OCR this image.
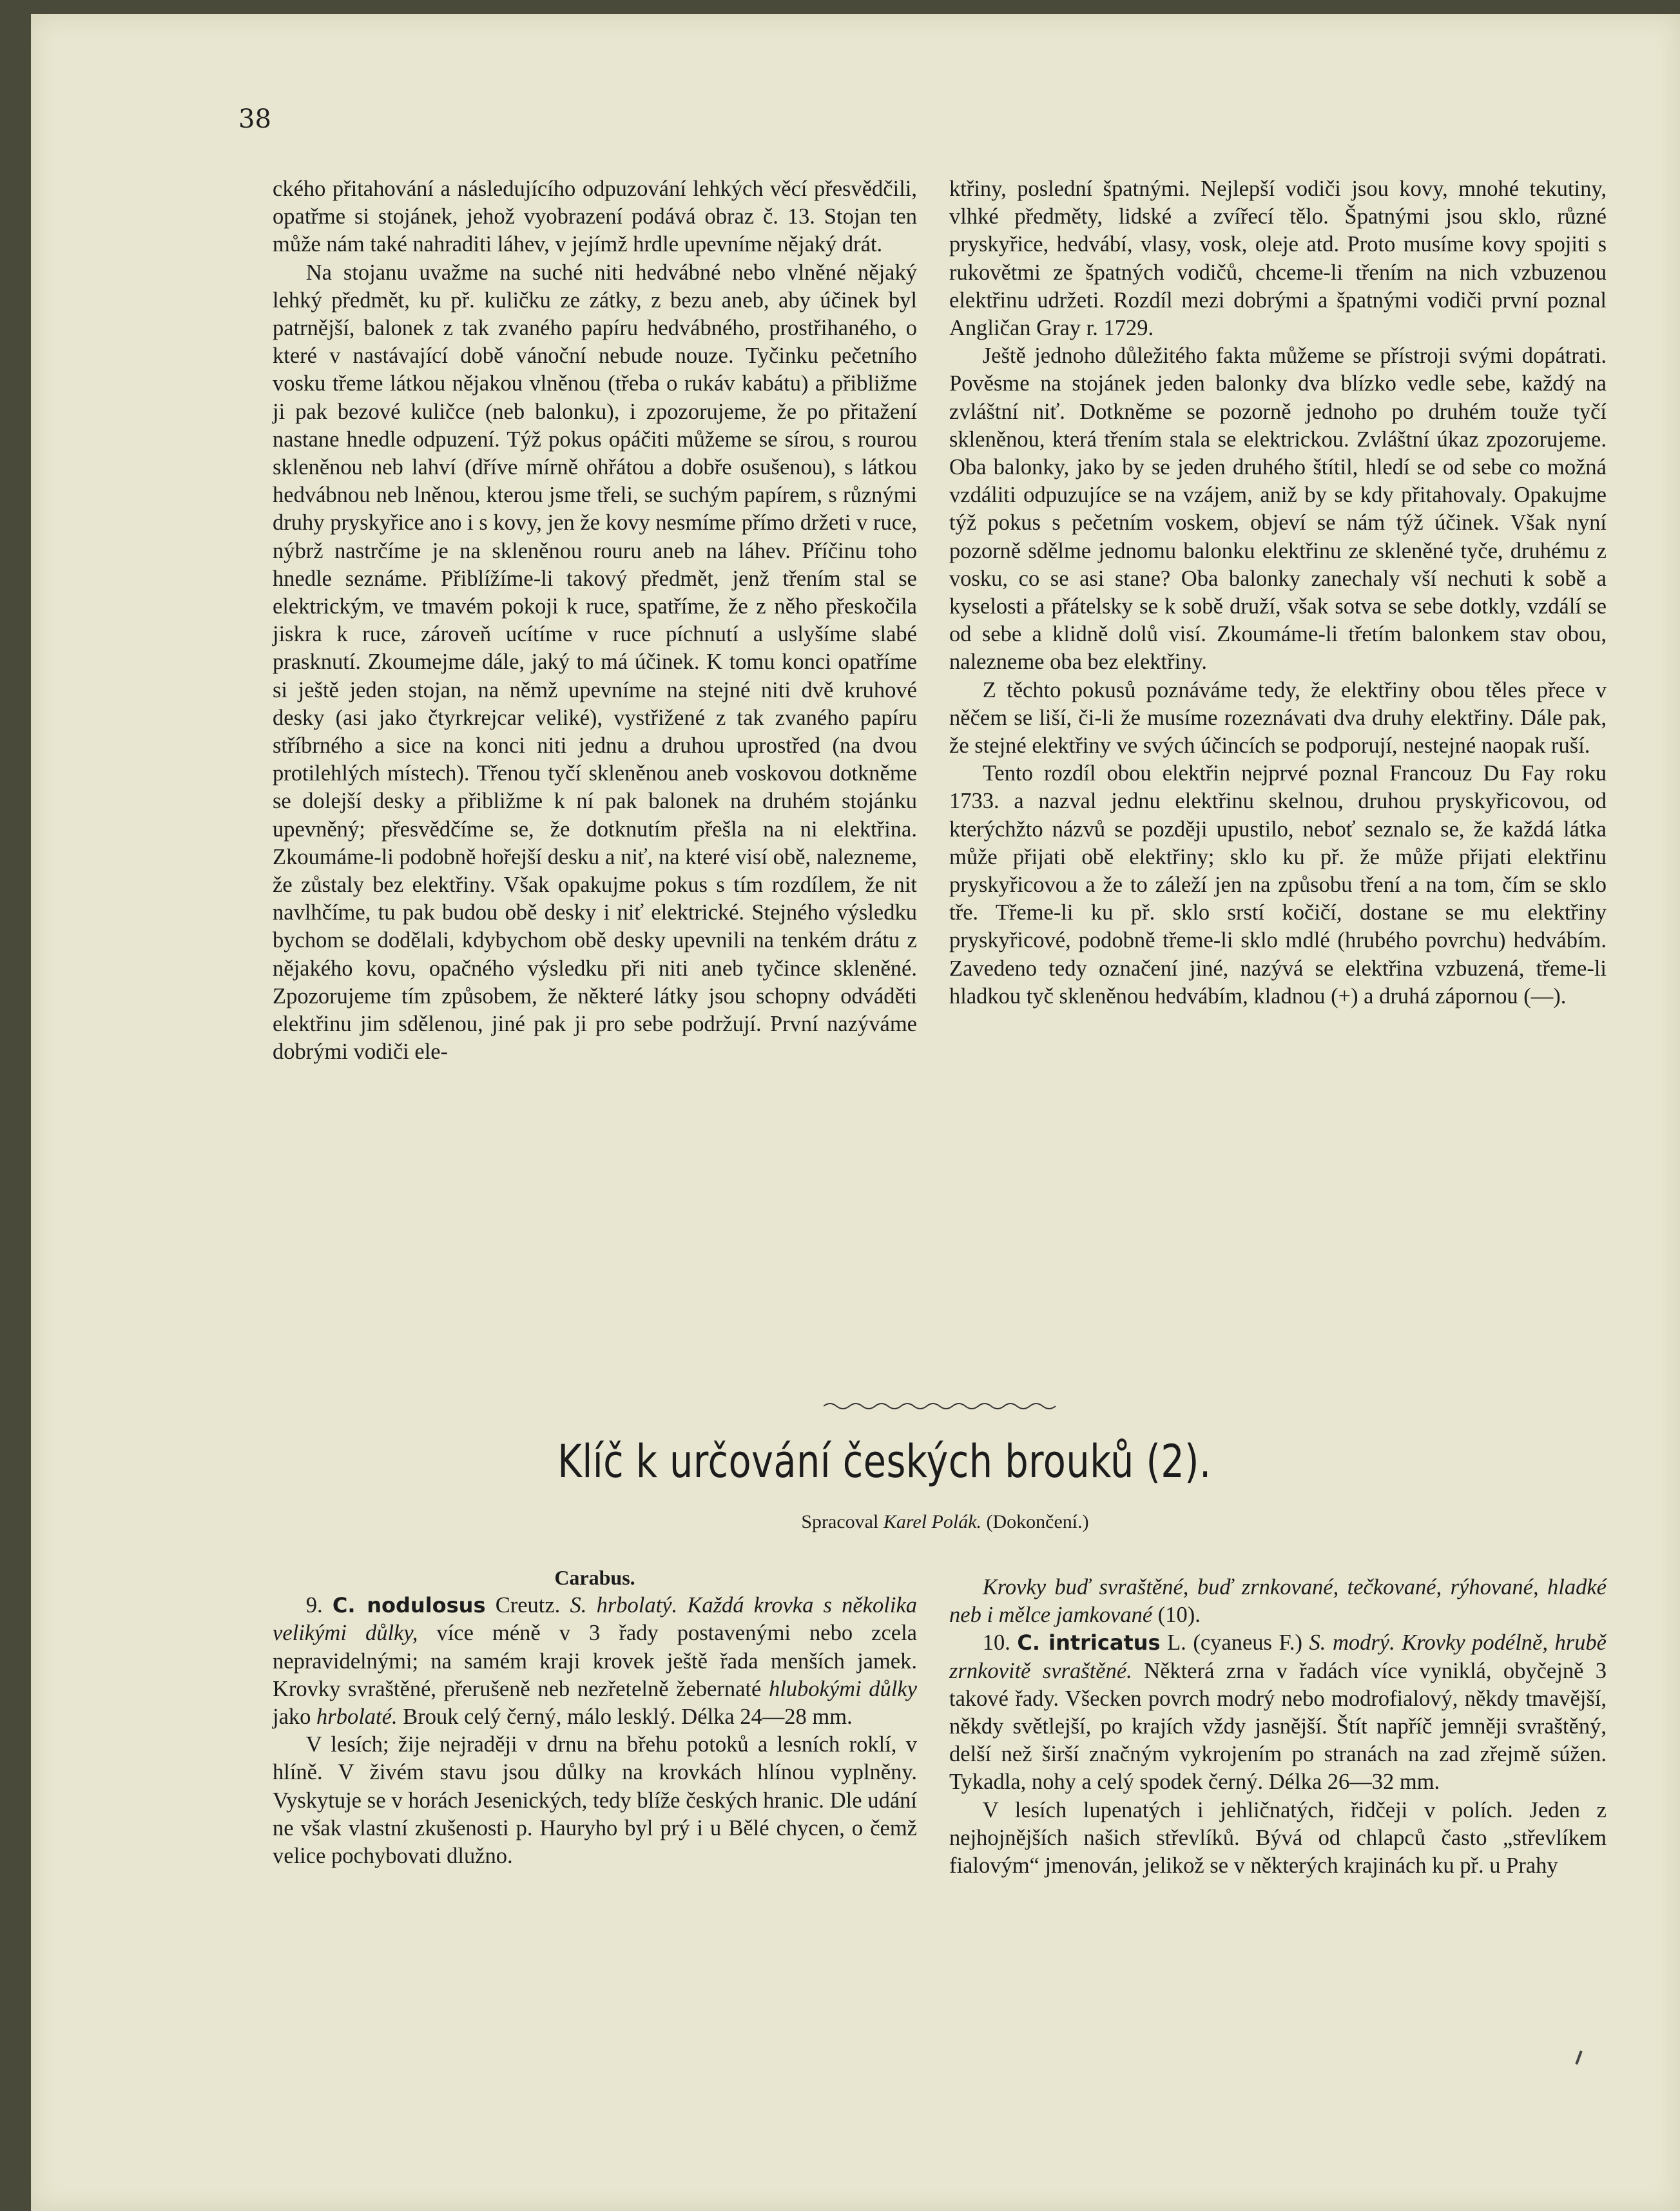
38

ckého přitahování a následujícího odpuzování lehkých věcí přesvědčili, opatřme si stojánek, jehož vyobrazení podává obraz č. 13. Stojan ten může nám také nahraditi láhev, v jejímž hrdle upevníme nějaký drát.

Na stojanu uvažme na suché niti hedvábné nebo vlněné nějaký lehký předmět, ku př. kuličku ze zátky, z bezu aneb, aby účinek byl patrnější, balonek z tak zvaného papíru hedvábného, prostřihaného, o které v nastávající době vánoční nebude nouze. Tyčinku pečetního vosku třeme látkou nějakou vlněnou (třeba o rukáv kabátu) a přibližme ji pak bezové kuličce (neb balonku), i zpozorujeme, že po přitažení nastane hnedle odpuzení. Týž pokus opáčiti můžeme se sírou, s rourou skleněnou neb lahví (dříve mírně ohřátou a dobře osušenou), s látkou hedvábnou neb lněnou, kterou jsme třeli, se suchým papírem, s různými druhy pryskyřice ano i s kovy, jen že kovy nesmíme přímo držeti v ruce, nýbrž nastrčíme je na skleněnou rouru aneb na láhev. Příčinu toho hnedle seznáme. Přiblížíme-li takový předmět, jenž třením stal se elektrickým, ve tmavém pokoji k ruce, spatříme, že z něho přeskočila jiskra k ruce, zároveň ucítíme v ruce píchnutí a uslyšíme slabé prasknutí. Zkoumejme dále, jaký to má účinek. K tomu konci opatříme si ještě jeden stojan, na němž upevníme na stejné niti dvě kruhové desky (asi jako čtyrkrejcar veliké), vystřižené z tak zvaného papíru stříbrného a sice na konci niti jednu a druhou uprostřed (na dvou protilehlých místech). Třenou tyčí skleněnou aneb voskovou dotkněme se dolejší desky a přibližme k ní pak balonek na druhém stojánku upevněný; přesvědčíme se, že dotknutím přešla na ni elektřina. Zkoumáme-li podobně hořejší desku a niť, na které visí obě, nalezneme, že zůstaly bez elektřiny. Však opakujme pokus s tím rozdílem, že nit navlhčíme, tu pak budou obě desky i niť elektrické. Stejného výsledku bychom se dodělali, kdybychom obě desky upevnili na tenkém drátu z nějakého kovu, opačného výsledku při niti aneb tyčince skleněné. Zpozorujeme tím způsobem, že některé látky jsou schopny odváděti elektřinu jim sdělenou, jiné pak ji pro sebe podržují. První nazýváme dobrými vodiči ele-

ktřiny, poslední špatnými. Nejlepší vodiči jsou kovy, mnohé tekutiny, vlhké předměty, lidské a zvířecí tělo. Špatnými jsou sklo, různé pryskyřice, hedvábí, vlasy, vosk, oleje atd. Proto musíme kovy spojiti s rukovětmi ze špatných vodičů, chceme-li třením na nich vzbuzenou elektřinu udržeti. Rozdíl mezi dobrými a špatnými vodiči první poznal Angličan Gray r. 1729.

Ještě jednoho důležitého fakta můžeme se přístroji svými dopátrati. Pověsme na stojánek jeden balonky dva blízko vedle sebe, každý na zvláštní niť. Dotkněme se pozorně jednoho po druhém touže tyčí skleněnou, která třením stala se elektrickou. Zvláštní úkaz zpozorujeme. Oba balonky, jako by se jeden druhého štítil, hledí se od sebe co možná vzdáliti odpuzujíce se na vzájem, aniž by se kdy přitahovaly. Opakujme týž pokus s pečetním voskem, objeví se nám týž účinek. Však nyní pozorně sdělme jednomu balonku elektřinu ze skleněné tyče, druhému z vosku, co se asi stane? Oba balonky zanechaly vší nechuti k sobě a kyselosti a přátelsky se k sobě druží, však sotva se sebe dotkly, vzdálí se od sebe a klidně dolů visí. Zkoumáme-li třetím balonkem stav obou, nalezneme oba bez elektřiny.

Z těchto pokusů poznáváme tedy, že elektřiny obou těles přece v něčem se liší, či-li že musíme rozeznávati dva druhy elektřiny. Dále pak, že stejné elektřiny ve svých účincích se podporují, nestejné naopak ruší.

Tento rozdíl obou elektřin nejprvé poznal Francouz Du Fay roku 1733. a nazval jednu elektřinu skelnou, druhou pryskyřicovou, od kterýchžto názvů se později upustilo, neboť seznalo se, že každá látka může přijati obě elektřiny; sklo ku př. že může přijati elektřinu pryskyřicovou a že to záleží jen na způsobu tření a na tom, čím se sklo tře. Třeme-li ku př. sklo srstí kočičí, dostane se mu elektřiny pryskyřicové, podobně třeme-li sklo mdlé (hrubého povrchu) hedvábím. Zavedeno tedy označení jiné, nazývá se elektřina vzbuzená, třeme-li hladkou tyč skleněnou hedvábím, kladnou (+) a druhá zápornou (—).

Klíč k určování českých brouků (2).
Spracoval Karel Polák. (Dokončení.)
Carabus.

9. C. nodulosus Creutz. S. hrbolatý. Každá krovka s několika velikými důlky, více méně v 3 řady postavenými nebo zcela nepravidelnými; na samém kraji krovek ještě řada menších jamek. Krovky svraštěné, přerušeně neb nezřetelně žebernaté hlubokými důlky jako hrbolaté. Brouk celý černý, málo lesklý. Délka 24—28 mm.

V lesích; žije nejraději v drnu na břehu potoků a lesních roklí, v hlíně. V živém stavu jsou důlky na krovkách hlínou vyplněny. Vyskytuje se v horách Jesenických, tedy blíže českých hranic. Dle udání ne však vlastní zkušenosti p. Hauryho byl prý i u Bělé chycen, o čemž velice pochybovati dlužno.

Krovky buď svraštěné, buď zrnkované, tečkované, rýhované, hladké neb i mělce jamkované (10).

10. C. intricatus L. (cyaneus F.) S. modrý. Krovky podélně, hrubě zrnkovitě svraštěné. Některá zrna v řadách více vyniklá, obyčejně 3 takové řady. Všecken povrch modrý nebo modrofialový, někdy tmavější, někdy světlejší, po krajích vždy jasnější. Štít napříč jemněji svraštěný, delší než širší značným vykrojením po stranách na zad zřejmě súžen. Tykadla, nohy a celý spodek černý. Délka 26—32 mm.

V lesích lupenatých i jehličnatých, řidčeji v polích. Jeden z nejhojnějších našich střevlíků. Bývá od chlapců často „střevlíkem fialovým“ jmenován, jelikož se v některých krajinách ku př. u Prahy
